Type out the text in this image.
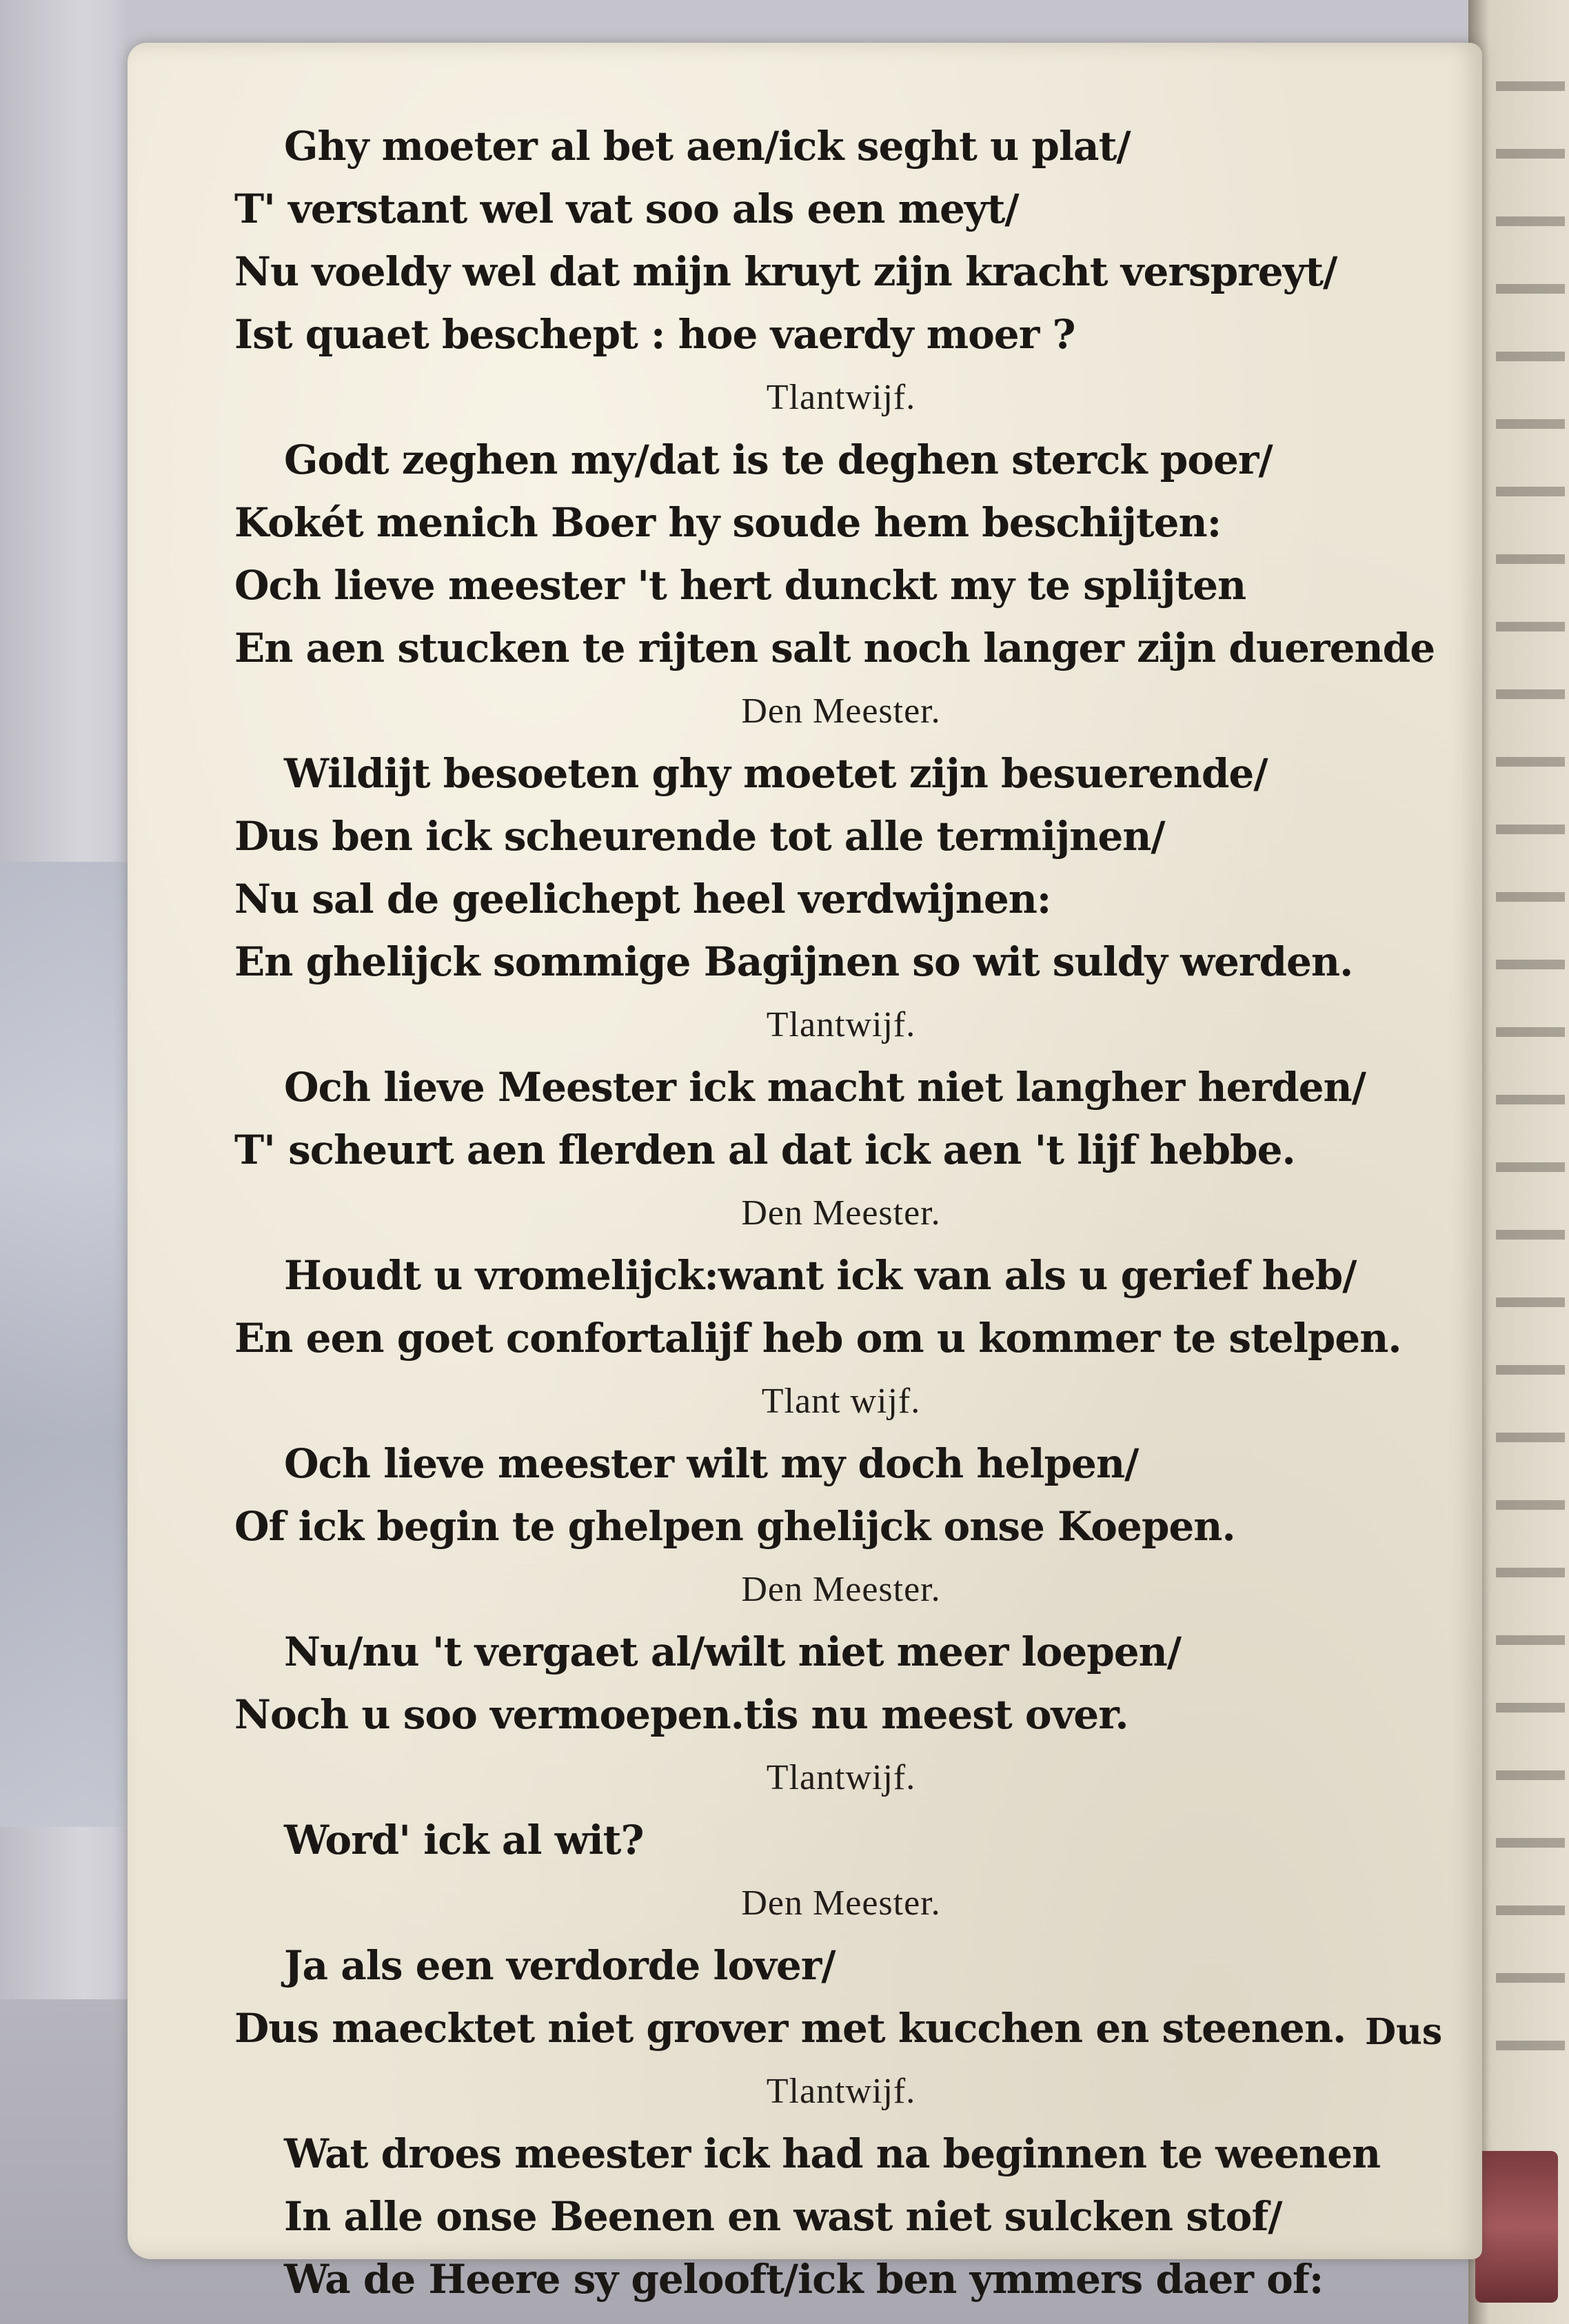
Ghy moeter al bet aen/ick seght u plat/
T' verstant wel vat soo als een meyt/
Nu voeldy wel dat mijn kruyt zijn kracht verspreyt/
Ist quaet beschept : hoe vaerdy moer ?
Tlantwijf.
Godt zeghen my/dat is te deghen sterck poer/
Kokét menich Boer hy soude hem beschijten:
Och lieve meester 't hert dunckt my te splijten
En aen stucken te rijten salt noch langer zijn duerende
Den Meester.
Wildijt besoeten ghy moetet zijn besuerende/
Dus ben ick scheurende tot alle termijnen/
Nu sal de geelichept heel verdwijnen:
En ghelijck sommige Bagijnen so wit suldy werden.
Tlantwijf.
Och lieve Meester ick macht niet langher herden/
T' scheurt aen flerden al dat ick aen 't lijf hebbe.
Den Meester.
Houdt u vromelijck:want ick van als u gerief heb/
En een goet confortalijf heb om u kommer te stelpen.
Tlant wijf.
Och lieve meester wilt my doch helpen/
Of ick begin te ghelpen ghelijck onse Koepen.
Den Meester.
Nu/nu 't vergaet al/wilt niet meer loepen/
Noch u soo vermoepen.tis nu meest over.
Tlantwijf.
Word' ick al wit?
Den Meester.
Ja als een verdorde lover/
Dus maecktet niet grover met kucchen en steenen.
Tlantwijf.
Wat droes meester ick had na beginnen te weenen
In alle onse Beenen en wast niet sulcken stof/
Wa de Heere sy gelooft/ick ben ymmers daer of:
Dus
